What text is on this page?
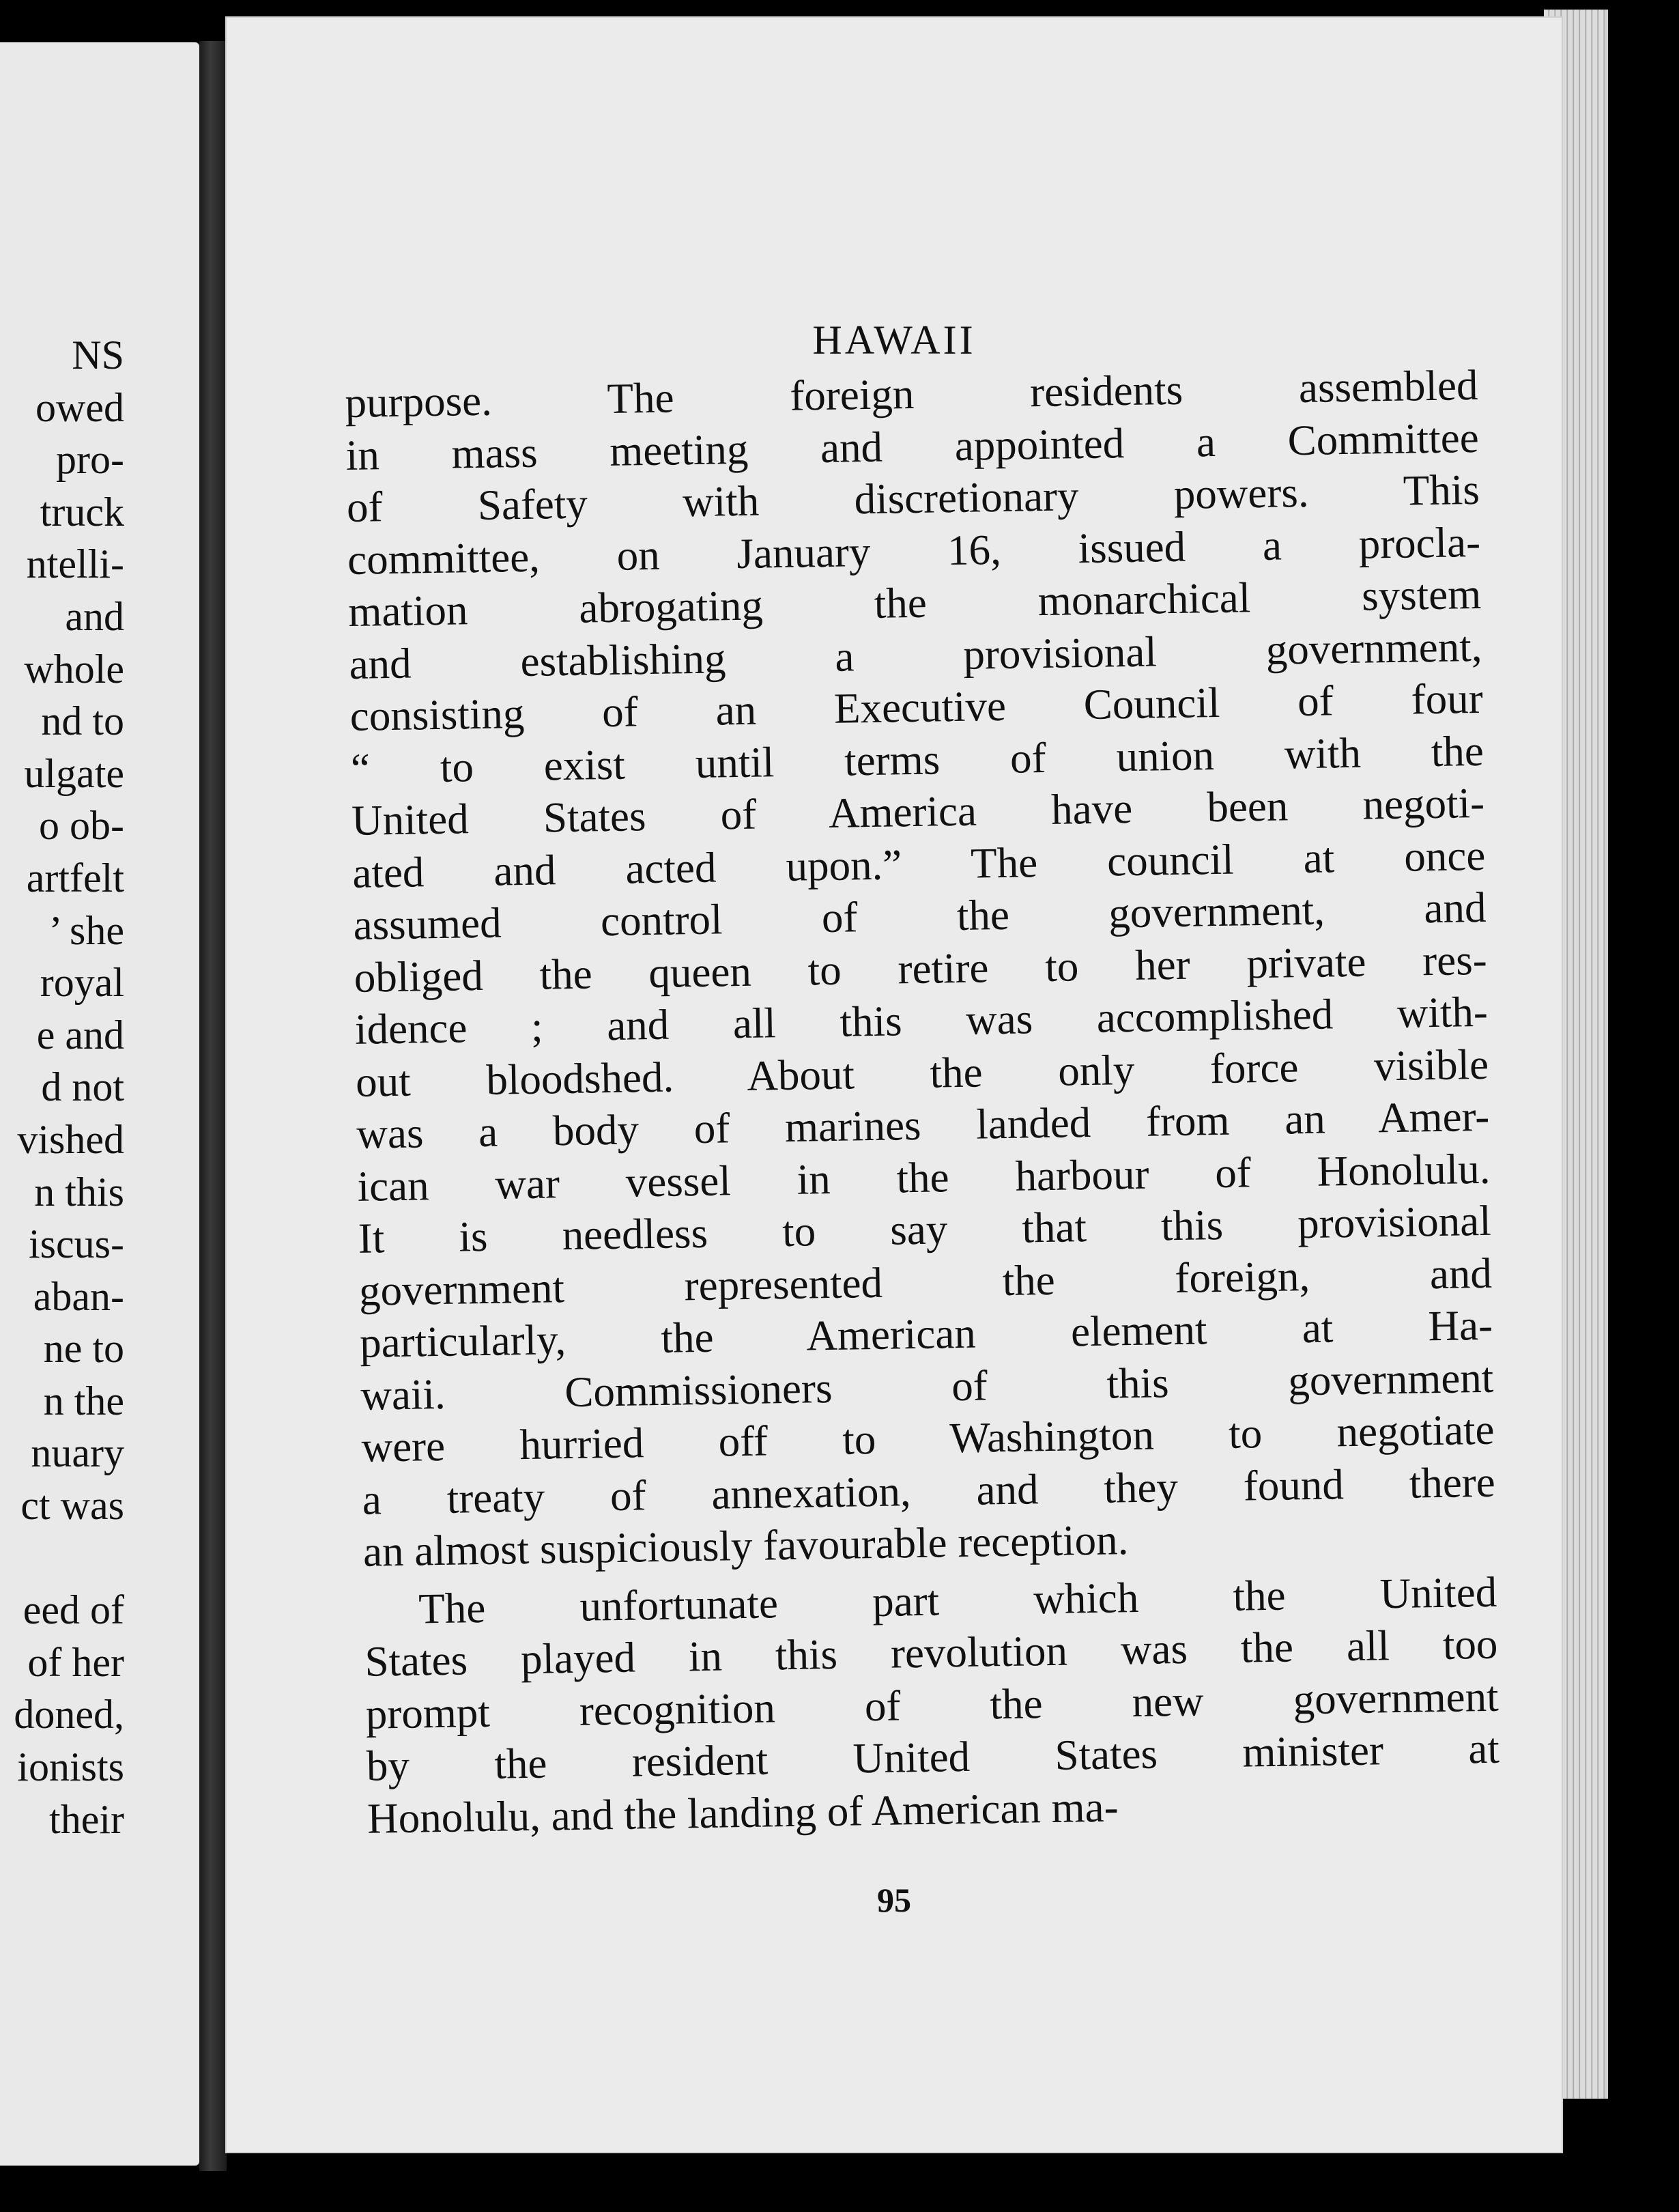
NS
owed
pro-
truck
ntelli-
and
whole
nd to
ulgate
o ob-
artfelt
’ she
royal
e and
d not
vished
n this
iscus-
aban-
ne to
n the
nuary
ct was
eed of
of her
doned,
ionists
their
HAWAII
purpose. The foreign residents assembled
in mass meeting and appointed a Committee
of Safety with discretionary powers. This
committee, on January 16, issued a procla-
mation abrogating the monarchical system
and establishing a provisional government,
consisting of an Executive Council of four
“ to exist until terms of union with the
United States of America have been negoti-
ated and acted upon.” The council at once
assumed control of the government, and
obliged the queen to retire to her private res-
idence ; and all this was accomplished with-
out bloodshed. About the only force visible
was a body of marines landed from an Amer-
ican war vessel in the harbour of Honolulu.
It is needless to say that this provisional
government represented the foreign, and
particularly, the American element at Ha-
waii. Commissioners of this government
were hurried off to Washington to negotiate
a treaty of annexation, and they found there
an almost suspiciously favourable reception.
The unfortunate part which the United
States played in this revolution was the all too
prompt recognition of the new government
by the resident United States minister at
Honolulu, and the landing of American ma-
95
